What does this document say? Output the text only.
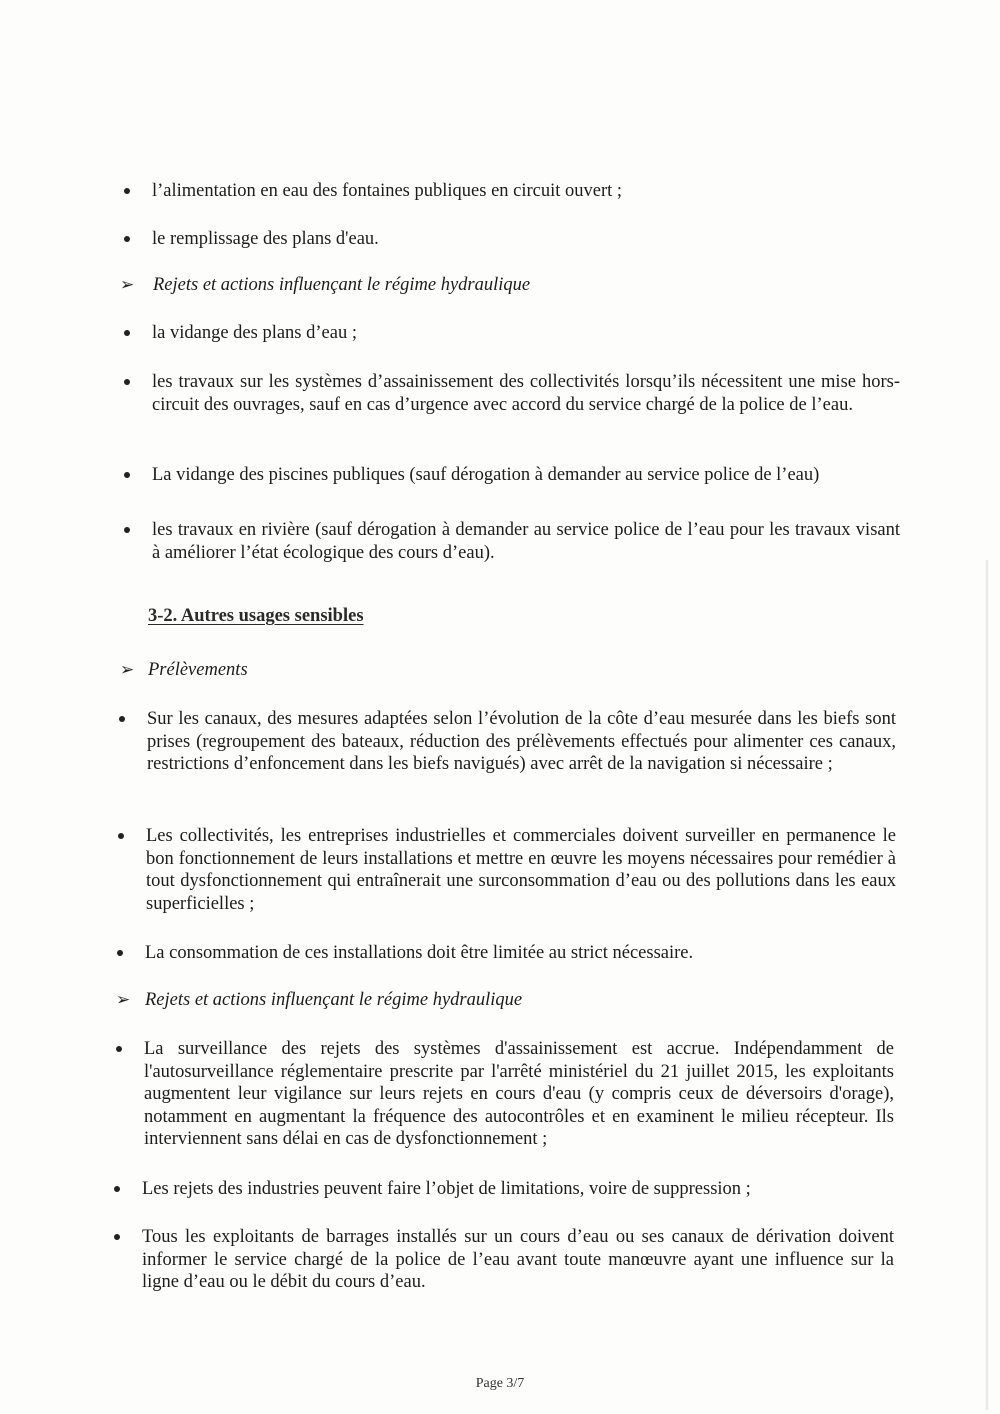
l’alimentation en eau des fontaines publiques en circuit ouvert ;
le remplissage des plans d'eau.
➢ Rejets et actions influençant le régime hydraulique
la vidange des plans d’eau ;
les travaux sur les systèmes d’assainissement des collectivités lorsqu’ils nécessitent une mise hors-circuit des ouvrages, sauf en cas d’urgence avec accord du service chargé de la police de l’eau.
La vidange des piscines publiques (sauf dérogation à demander au service police de l’eau)
les travaux en rivière (sauf dérogation à demander au service police de l’eau pour les travaux visant à améliorer l’état écologique des cours d’eau).
3-2. Autres usages sensibles
➢ Prélèvements
Sur les canaux, des mesures adaptées selon l’évolution de la côte d’eau mesurée dans les biefs sont prises (regroupement des bateaux, réduction des prélèvements effectués pour alimenter ces canaux, restrictions d’enfoncement dans les biefs navigués) avec arrêt de la navigation si nécessaire ;
Les collectivités, les entreprises industrielles et commerciales doivent surveiller en permanence le bon fonctionnement de leurs installations et mettre en œuvre les moyens nécessaires pour remédier à tout dysfonctionnement qui entraînerait une surconsommation d’eau ou des pollutions dans les eaux superficielles ;
La consommation de ces installations doit être limitée au strict nécessaire.
➢ Rejets et actions influençant le régime hydraulique
La surveillance des rejets des systèmes d'assainissement est accrue. Indépendamment de l'autosurveillance réglementaire prescrite par l'arrêté ministériel du 21 juillet 2015, les exploitants augmentent leur vigilance sur leurs rejets en cours d'eau (y compris ceux de déversoirs d'orage), notamment en augmentant la fréquence des autocontrôles et en examinent le milieu récepteur. Ils interviennent sans délai en cas de dysfonctionnement ;
Les rejets des industries peuvent faire l’objet de limitations, voire de suppression ;
Tous les exploitants de barrages installés sur un cours d’eau ou ses canaux de dérivation doivent informer le service chargé de la police de l’eau avant toute manœuvre ayant une influence sur la ligne d’eau ou le débit du cours d’eau.
Page 3/7
